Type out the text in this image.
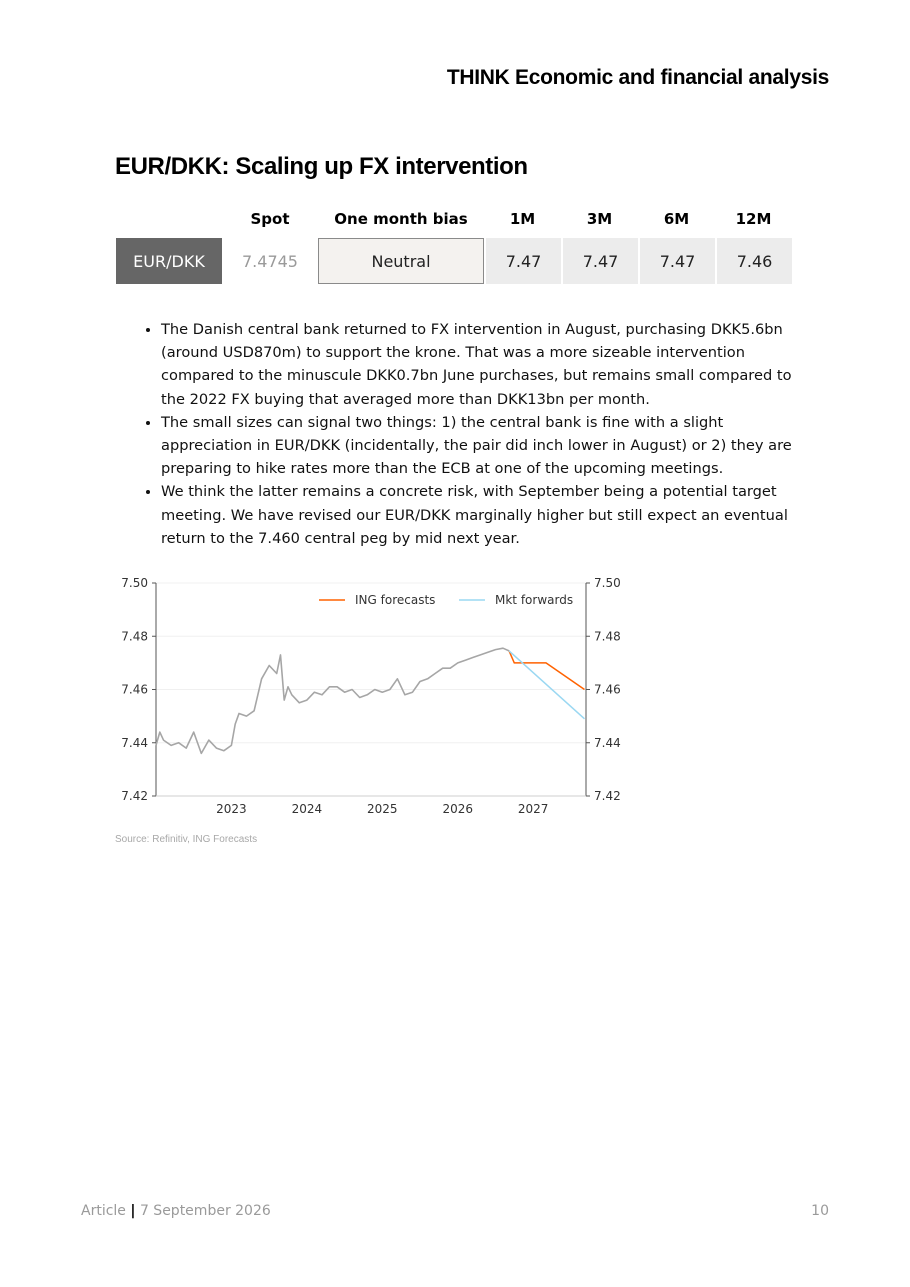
THINK Economic and financial analysis
EUR/DKK: Scaling up FX intervention
	Spot	One month bias	1M	3M	6M	12M
EUR/DKK	7.4745	Neutral	7.47	7.47	7.47	7.46
• The Danish central bank returned to FX intervention in August, purchasing DKK5.6bn (around USD870m) to support the krone. That was a more sizeable intervention compared to the minuscule DKK0.7bn June purchases, but remains small compared to the 2022 FX buying that averaged more than DKK13bn per month.
• The small sizes can signal two things: 1) the central bank is fine with a slight appreciation in EUR/DKK (incidentally, the pair did inch lower in August) or 2) they are preparing to hike rates more than the ECB at one of the upcoming meetings.
• We think the latter remains a concrete risk, with September being a potential target meeting. We have revised our EUR/DKK marginally higher but still expect an eventual return to the 7.460 central peg by mid next year.
7.50	7.50
7.48	7.48
7.46	7.46
7.44	7.44
7.42	7.42
2023	2024	2025	2026	2027
ING forecasts	Mkt forwards
Source: Refinitiv, ING Forecasts
Article | 7 September 2026	10
